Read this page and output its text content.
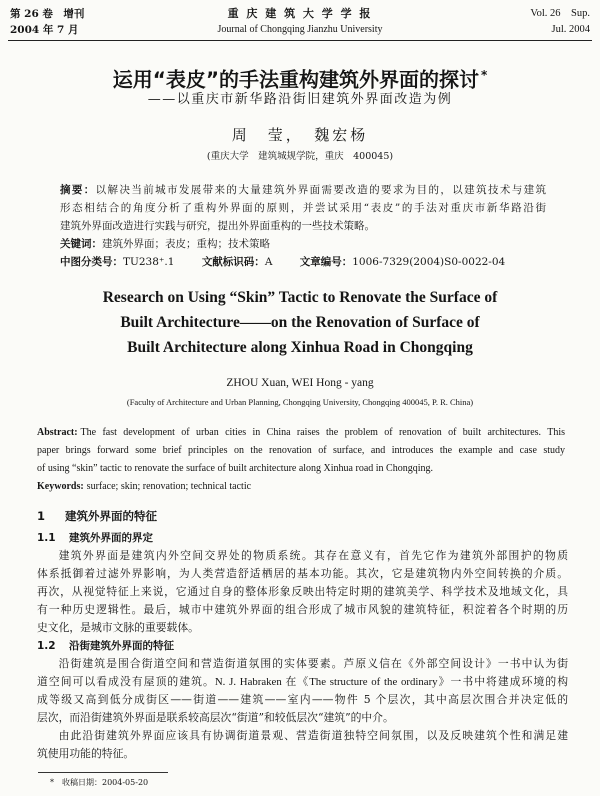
第 26 卷　增刊
2004 年 7 月
重 庆 建 筑 大 学 学 报
Journal of Chongqing Jianzhu University
Vol. 26　Sup.
Jul. 2004
运用“表皮”的手法重构建筑外界面的探讨 *
——以重庆市新华路沿街旧建筑外界面改造为例
周　莹，　魏宏杨
(重庆大学　建筑城规学院，重庆　400045)
摘要：以解决当前城市发展带来的大量建筑外界面需要改造的要求为目的，以建筑技术与建筑
形态相结合的角度分析了重构外界面的原则，并尝试采用“表皮”的手法对重庆市新华路沿街
建筑外界面改造进行实践与研究，提出外界面重构的一些技术策略。
关键词：建筑外界面；表皮；重构；技术策略
中图分类号：TU238⁺.1	文献标识码：A	文章编号：1006-7329(2004)S0-0022-04
Research on Using “Skin” Tactic to Renovate the Surface of
Built Architecture——on the Renovation of Surface of
Built Architecture along Xinhua Road in Chongqing
ZHOU Xuan, WEI Hong - yang
(Faculty of Architecture and Urban Planning, Chongqing University, Chongqing 400045, P. R. China)
Abstract: The fast development of urban cities in China raises the problem of renovation of built architectures. This
paper brings forward some brief principles on the renovation of surface, and introduces the example and case study
of using “skin” tactic to renovate the surface of built architecture along Xinhua road in Chongqing.
Keywords: surface; skin; renovation; technical tactic
1 建筑外界面的特征
1.1 建筑外界面的界定
建筑外界面是建筑内外空间交界处的物质系统。其存在意义有，首先它作为建筑外部围护的物质
体系抵御着过滤外界影响，为人类营造舒适栖居的基本功能。其次，它是建筑物内外空间转换的介质。
再次，从视觉特征上来说，它通过自身的整体形象反映出特定时期的建筑美学、科学技术及地域文化，具
有一种历史逻辑性。最后，城市中建筑外界面的组合形成了城市风貌的建筑特征，积淀着各个时期的历
史文化，是城市文脉的重要载体。
1.2 沿街建筑外界面的特征
沿街建筑是围合街道空间和营造街道氛围的实体要素。芦原义信在《外部空间设计》一书中认为街
道空间可以看成没有屋顶的建筑。N. J. Habraken 在《The structure of the ordinary》一书中将建成环境的构
成等级又高到低分成街区——街道——建筑——室内——物件 5 个层次，其中高层次围合并决定低的
层次，而沿街建筑外界面是联系较高层次“街道”和较低层次“建筑”的中介。
由此沿街建筑外界面应该具有协调街道景观、营造街道独特空间氛围，以及反映建筑个性和满足建
筑使用功能的特征。
* 收稿日期：2004-05-20
